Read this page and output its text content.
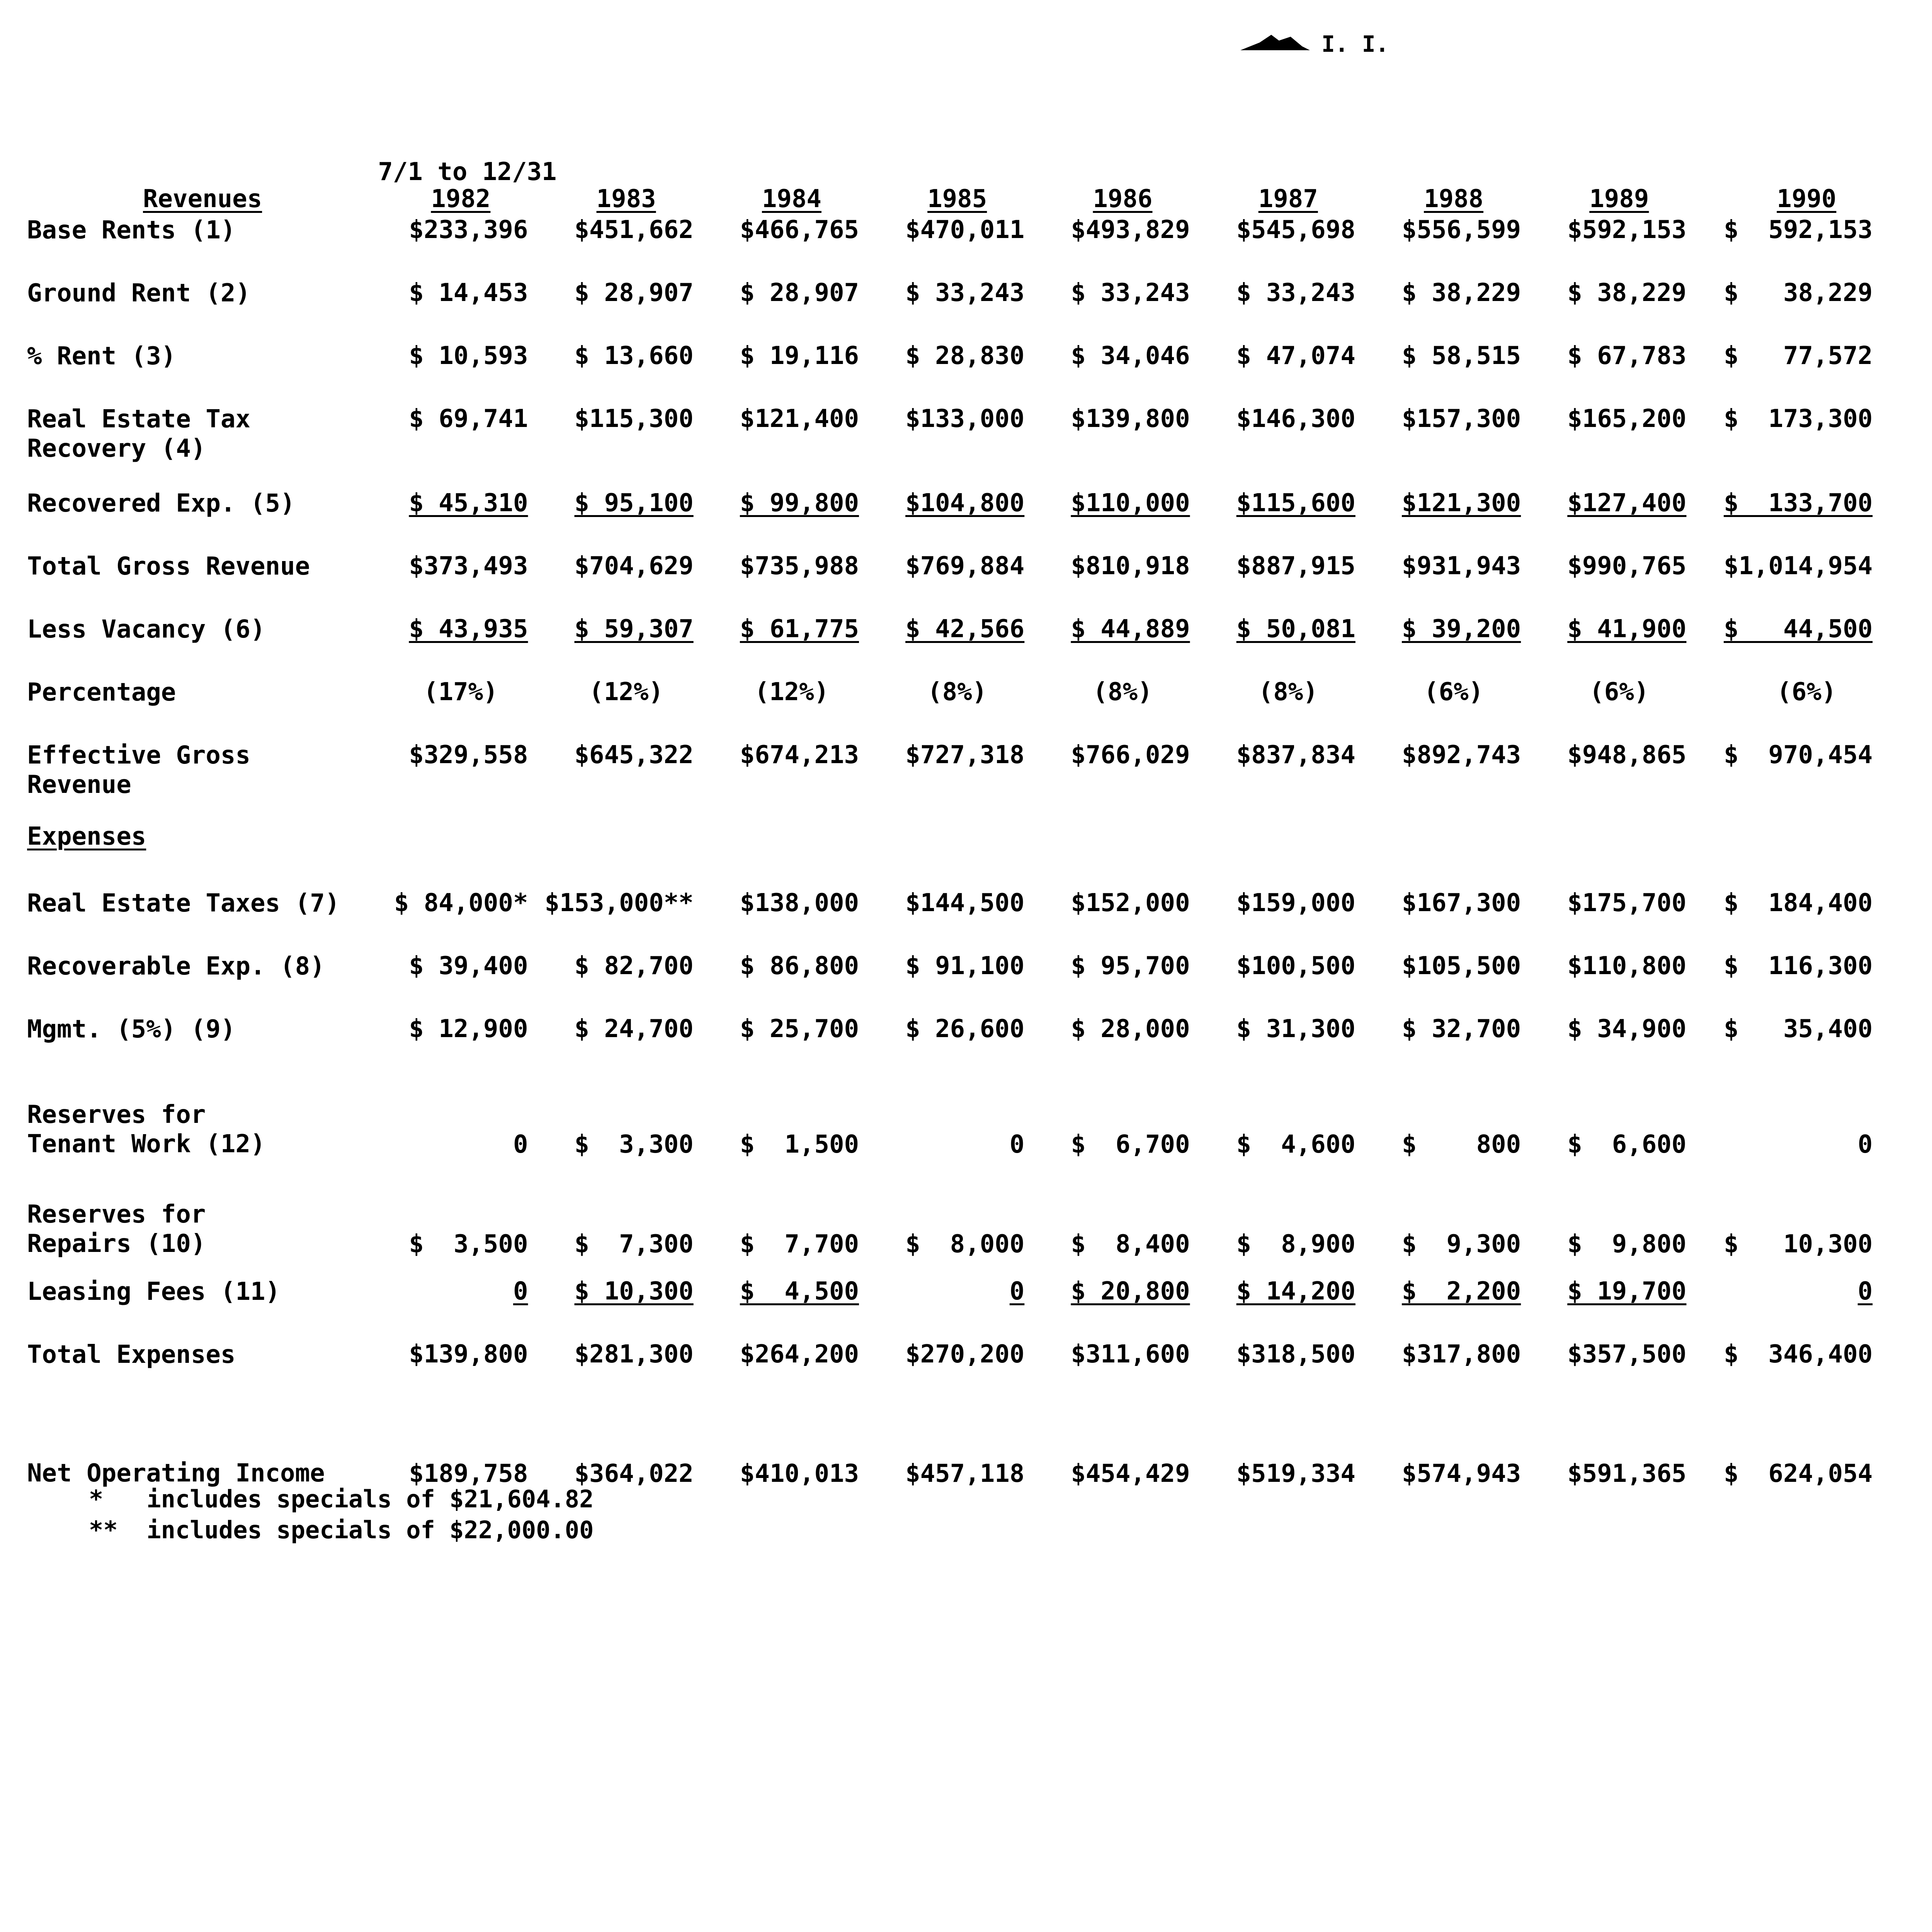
I. I.
Revenues	7/1 to 12/31
1982	1983	1984	1985	1986	1987	1988	1989	1990		

Base Rents (1)	$233,396	$451,662	$466,765	$470,011	$493,829	$545,698	$556,599	$592,153	$  592,153		
Ground Rent (2)	$ 14,453	$ 28,907	$ 28,907	$ 33,243	$ 33,243	$ 33,243	$ 38,229	$ 38,229	$   38,229		
% Rent (3)	$ 10,593	$ 13,660	$ 19,116	$ 28,830	$ 34,046	$ 47,074	$ 58,515	$ 67,783	$   77,572		
Real Estate Tax
Recovery (4)	$ 69,741	$115,300	$121,400	$133,000	$139,800	$146,300	$157,300	$165,200	$  173,300		
Recovered Exp. (5)	$ 45,310	$ 95,100	$ 99,800	$104,800	$110,000	$115,600	$121,300	$127,400	$  133,700		
Total Gross Revenue	$373,493	$704,629	$735,988	$769,884	$810,918	$887,915	$931,943	$990,765	$1,014,954		
Less Vacancy (6)	$ 43,935	$ 59,307	$ 61,775	$ 42,566	$ 44,889	$ 50,081	$ 39,200	$ 41,900	$   44,500		
Percentage	(17%)	(12%)	(12%)	(8%)	(8%)	(8%)	(6%)	(6%)	(6%)		
Effective Gross
Revenue	$329,558	$645,322	$674,213	$727,318	$766,029	$837,834	$892,743	$948,865	$  970,454		
Expenses											
Real Estate Taxes (7)	$ 84,000*	$153,000**	$138,000	$144,500	$152,000	$159,000	$167,300	$175,700	$  184,400		
Recoverable Exp. (8)	$ 39,400	$ 82,700	$ 86,800	$ 91,100	$ 95,700	$100,500	$105,500	$110,800	$  116,300		
Mgmt. (5%) (9)	$ 12,900	$ 24,700	$ 25,700	$ 26,600	$ 28,000	$ 31,300	$ 32,700	$ 34,900	$   35,400		
Reserves for
Tenant Work (12)	0	$  3,300	$  1,500	0	$  6,700	$  4,600	$    800	$  6,600	0		
Reserves for
Repairs (10)	$  3,500	$  7,300	$  7,700	$  8,000	$  8,400	$  8,900	$  9,300	$  9,800	$   10,300		
Leasing Fees (11)	0	$ 10,300	$  4,500	0	$ 20,800	$ 14,200	$  2,200	$ 19,700	0		
Total Expenses	$139,800	$281,300	$264,200	$270,200	$311,600	$318,500	$317,800	$357,500	$  346,400		
Net Operating Income	$189,758	$364,022	$410,013	$457,118	$454,429	$519,334	$574,943	$591,365	$  624,054		
* includes specials of $21,604.82
** includes specials of $22,000.00
